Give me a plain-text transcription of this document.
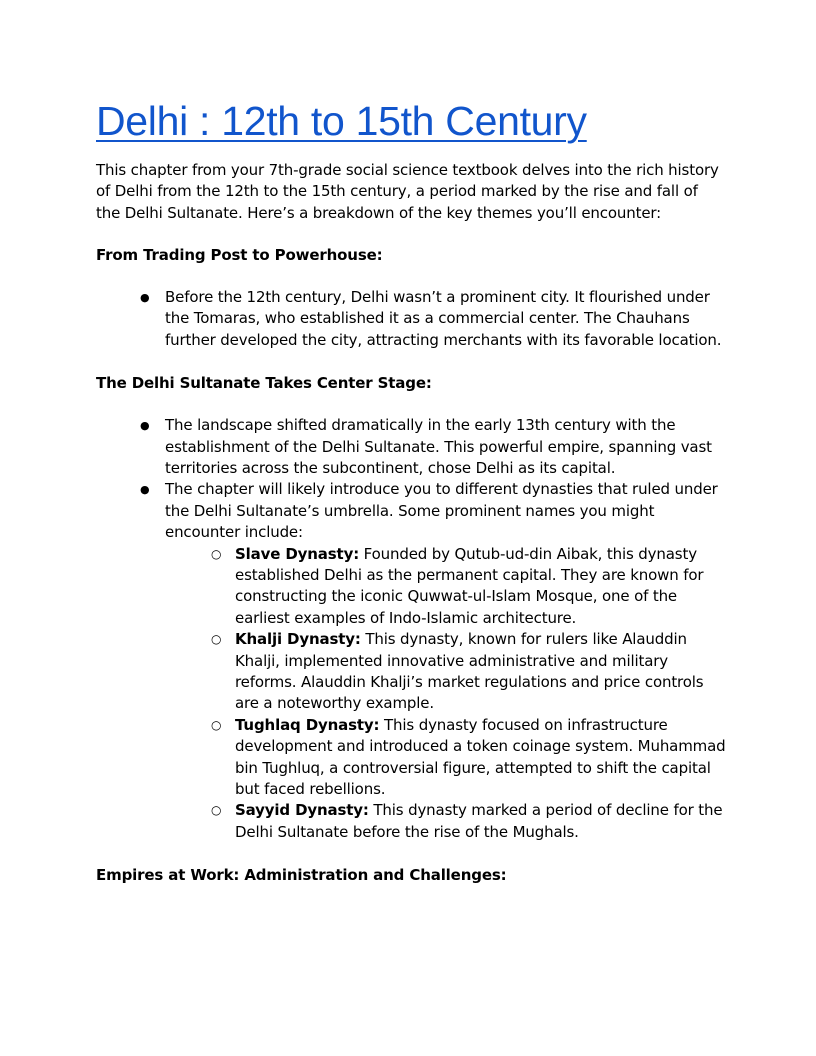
Delhi : 12th to 15th Century

This chapter from your 7th-grade social science textbook delves into the rich history of Delhi from the 12th to the 15th century, a period marked by the rise and fall of the Delhi Sultanate. Here’s a breakdown of the key themes you’ll encounter:

From Trading Post to Powerhouse:
● Before the 12th century, Delhi wasn’t a prominent city. It flourished under the Tomaras, who established it as a commercial center. The Chauhans further developed the city, attracting merchants with its favorable location.
The Delhi Sultanate Takes Center Stage:
● The landscape shifted dramatically in the early 13th century with the establishment of the Delhi Sultanate. This powerful empire, spanning vast territories across the subcontinent, chose Delhi as its capital.
● The chapter will likely introduce you to different dynasties that ruled under the Delhi Sultanate’s umbrella. Some prominent names you might encounter include:
○ Slave Dynasty: Founded by Qutub-ud-din Aibak, this dynasty established Delhi as the permanent capital. They are known for constructing the iconic Quwwat-ul-Islam Mosque, one of the earliest examples of Indo-Islamic architecture.
○ Khalji Dynasty: This dynasty, known for rulers like Alauddin Khalji, implemented innovative administrative and military reforms. Alauddin Khalji’s market regulations and price controls are a noteworthy example.
○ Tughlaq Dynasty: This dynasty focused on infrastructure development and introduced a token coinage system. Muhammad bin Tughluq, a controversial figure, attempted to shift the capital but faced rebellions.
○ Sayyid Dynasty: This dynasty marked a period of decline for the Delhi Sultanate before the rise of the Mughals.
Empires at Work: Administration and Challenges:
